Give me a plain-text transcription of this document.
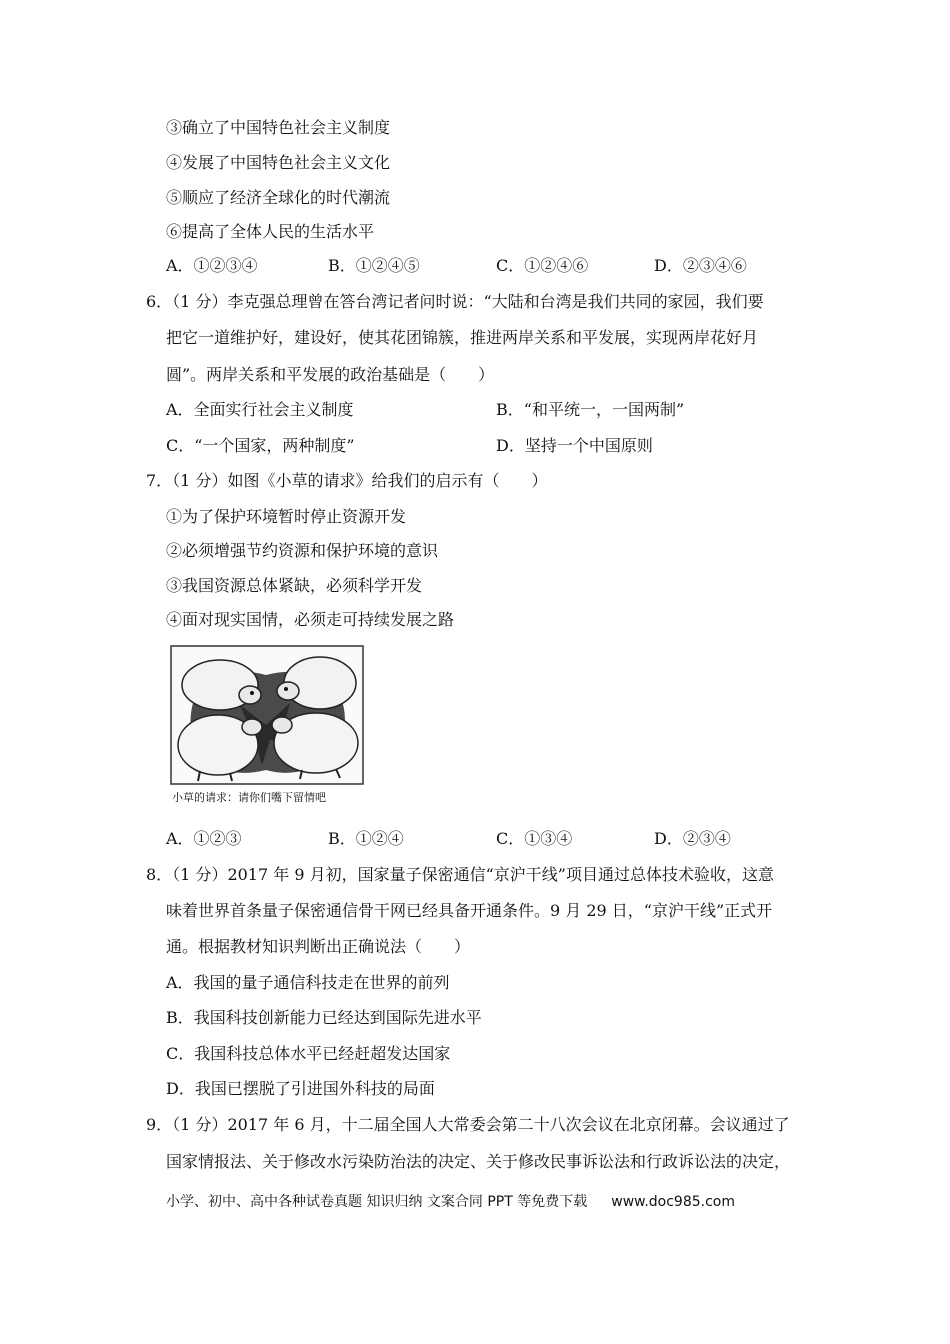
③确立了中国特色社会主义制度
④发展了中国特色社会主义文化
⑤顺应了经济全球化的时代潮流
⑥提高了全体人民的生活水平
A．①②③④	B．①②④⑤	C．①②④⑥	D．②③④⑥
6．（1 分）李克强总理曾在答台湾记者问时说：“大陆和台湾是我们共同的家园，我们要
把它一道维护好，建设好，使其花团锦簇，推进两岸关系和平发展，实现两岸花好月
圆”。两岸关系和平发展的政治基础是（　　）
A．全面实行社会主义制度	B．“和平统一，一国两制”
C．“一个国家，两种制度”	D．坚持一个中国原则
7．（1 分）如图《小草的请求》给我们的启示有（　　）
①为了保护环境暂时停止资源开发
②必须增强节约资源和保护环境的意识
③我国资源总体紧缺，必须科学开发
④面对现实国情，必须走可持续发展之路
小草的请求：请你们嘴下留情吧
A．①②③	B．①②④	C．①③④	D．②③④
8．（1 分）2017 年 9 月初，国家量子保密通信“京沪干线”项目通过总体技术验收，这意
味着世界首条量子保密通信骨干网已经具备开通条件。9 月 29 日，“京沪干线”正式开
通。根据教材知识判断出正确说法（　　）
A．我国的量子通信科技走在世界的前列
B．我国科技创新能力已经达到国际先进水平
C．我国科技总体水平已经赶超发达国家
D．我国已摆脱了引进国外科技的局面
9．（1 分）2017 年 6 月，十二届全国人大常委会第二十八次会议在北京闭幕。会议通过了
国家情报法、关于修改水污染防治法的决定、关于修改民事诉讼法和行政诉讼法的决定，
小学、初中、高中各种试卷真题 知识归纳 文案合同 PPT 等免费下载 www.doc985.com
